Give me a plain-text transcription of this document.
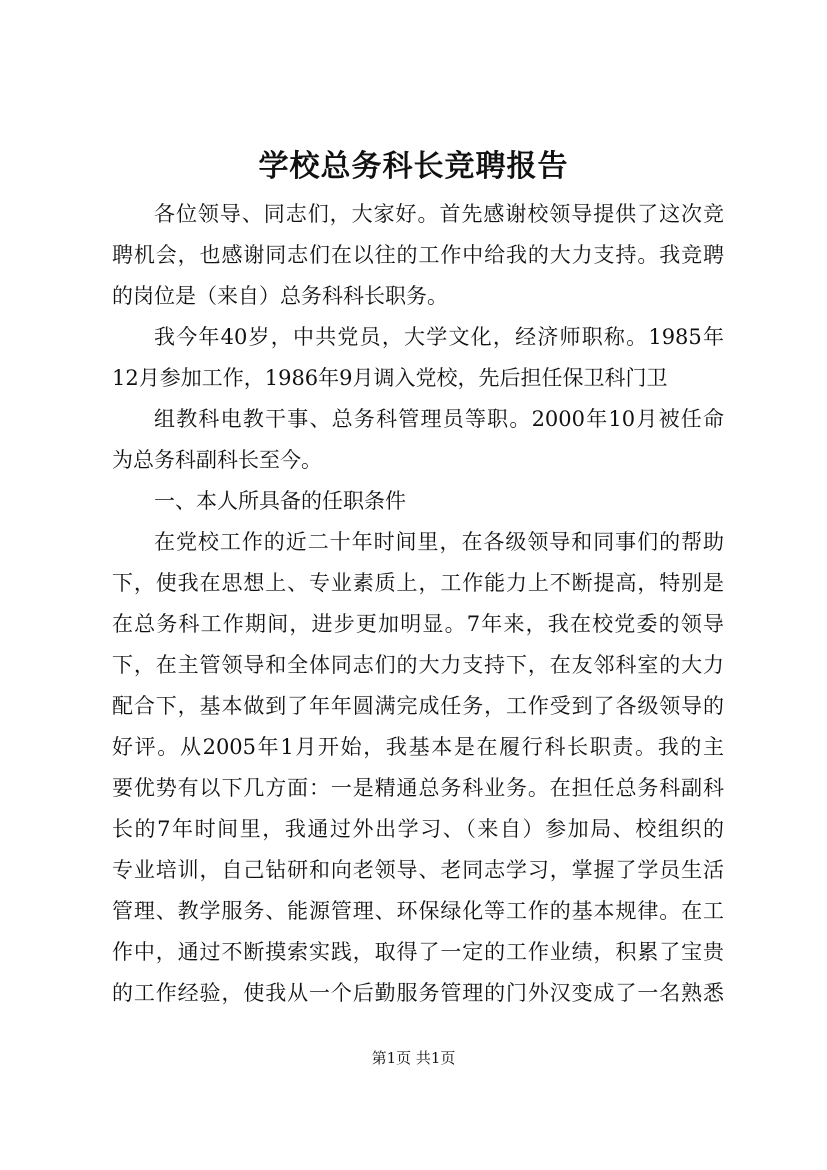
学校总务科长竞聘报告
各位领导、同志们，大家好。首先感谢校领导提供了这次竞
聘机会，也感谢同志们在以往的工作中给我的大力支持。我竞聘
的岗位是（来自）总务科科长职务。
我今年40岁，中共党员，大学文化，经济师职称。1985年
12月参加工作，1986年9月调入党校，先后担任保卫科门卫
组教科电教干事、总务科管理员等职。2000年10月被任命
为总务科副科长至今。
一、本人所具备的任职条件
在党校工作的近二十年时间里，在各级领导和同事们的帮助
下，使我在思想上、专业素质上，工作能力上不断提高，特别是
在总务科工作期间，进步更加明显。7年来，我在校党委的领导
下，在主管领导和全体同志们的大力支持下，在友邻科室的大力
配合下，基本做到了年年圆满完成任务，工作受到了各级领导的
好评。从2005年1月开始，我基本是在履行科长职责。我的主
要优势有以下几方面：一是精通总务科业务。在担任总务科副科
长的7年时间里，我通过外出学习、（来自）参加局、校组织的
专业培训，自己钻研和向老领导、老同志学习，掌握了学员生活
管理、教学服务、能源管理、环保绿化等工作的基本规律。在工
作中，通过不断摸索实践，取得了一定的工作业绩，积累了宝贵
的工作经验，使我从一个后勤服务管理的门外汉变成了一名熟悉
第1页 共1页
